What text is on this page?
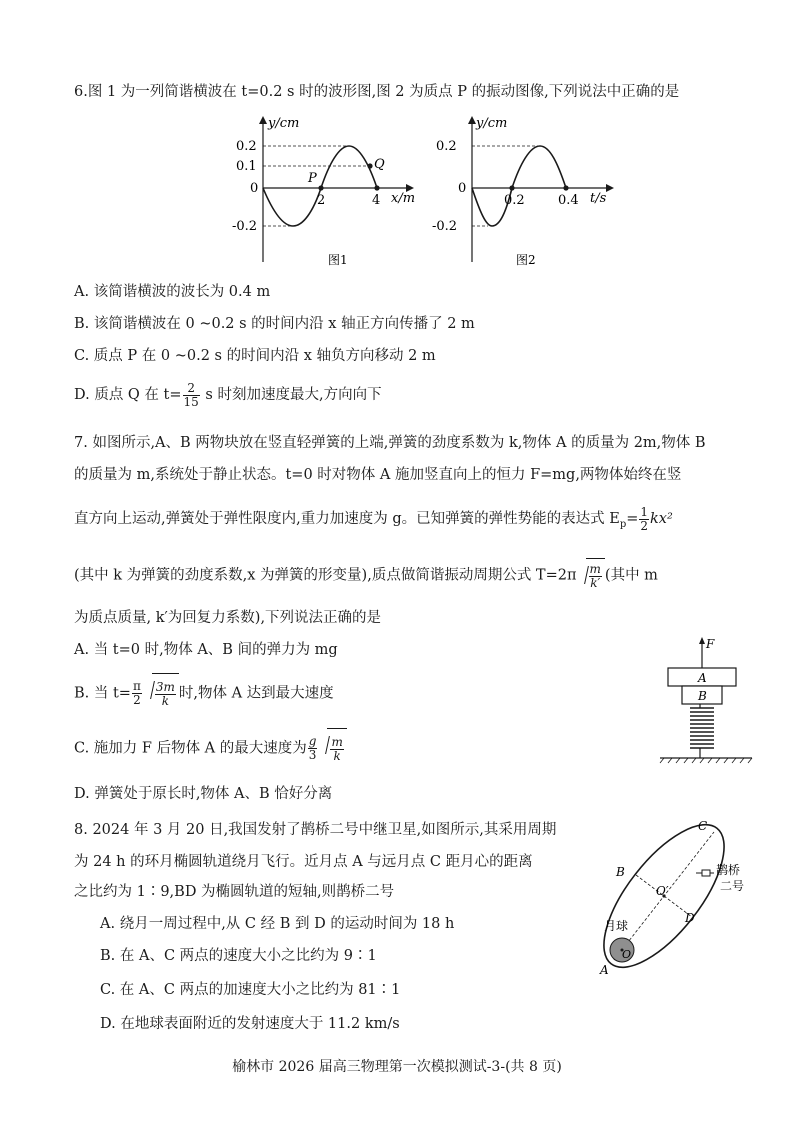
6.图 1 为一列简谐横波在 t=0.2 s 时的波形图,图 2 为质点 P 的振动图像,下列说法中正确的是
y/cm
x/m
0.2
0.1
0
-0.2
2	4
P
Q
图1
y/cm
t/s
0.2
0
-0.2
0.2	0.4
图2
A. 该简谐横波的波长为 0.4 m
B. 该简谐横波在 0 ~0.2 s 的时间内沿 x 轴正方向传播了 2 m
C. 质点 P 在 0 ~0.2 s 的时间内沿 x 轴负方向移动 2 m
D. 质点 Q 在 $t= \frac{2}{15}$ s 时刻加速度最大,方向向下
7. 如图所示,A、B 两物块放在竖直轻弹簧的上端,弹簧的劲度系数为 k,物体 A 的质量为 2m,物体 B
的质量为 m,系统处于静止状态。t=0 时对物体 A 施加竖直向上的恒力 F=mg,两物体始终在竖
直方向上运动,弹簧处于弹性限度内,重力加速度为 g。已知弹簧的弹性势能的表达式 $E_p= \frac{1}{2} kx^2$
(其中 k 为弹簧的劲度系数,x 为弹簧的形变量),质点做简谐振动周期公式 $T=2\pi \frac{m}{k'}$ (其中 m
为质点质量, k′为回复力系数),下列说法正确的是
A. 当 t=0 时,物体 A、B 间的弹力为 mg
B. 当 $t= \frac{\pi}{2} \frac{3m}{k}$ 时,物体 A 达到最大速度
C. 施加力 F 后物体 A 的最大速度为 $\frac{g}{3} \frac{m}{k}$
D. 弹簧处于原长时,物体 A、B 恰好分离
F
A
B
8. 2024 年 3 月 20 日,我国发射了鹊桥二号中继卫星,如图所示,其采用周期
为 24 h 的环月椭圆轨道绕月飞行。近月点 A 与远月点 C 距月心的距离
之比约为 1∶9,BD 为椭圆轨道的短轴,则鹊桥二号
A. 绕月一周过程中,从 C 经 B 到 D 的运动时间为 18 h
B. 在 A、C 两点的速度大小之比约为 9∶1
C. 在 A、C 两点的加速度大小之比约为 81∶1
D. 在地球表面附近的发射速度大于 11.2 km/s
C
B
D
A
O′
O
月球
鹊桥
二号
榆林市 2026 届高三物理第一次模拟测试-3-(共 8 页)
